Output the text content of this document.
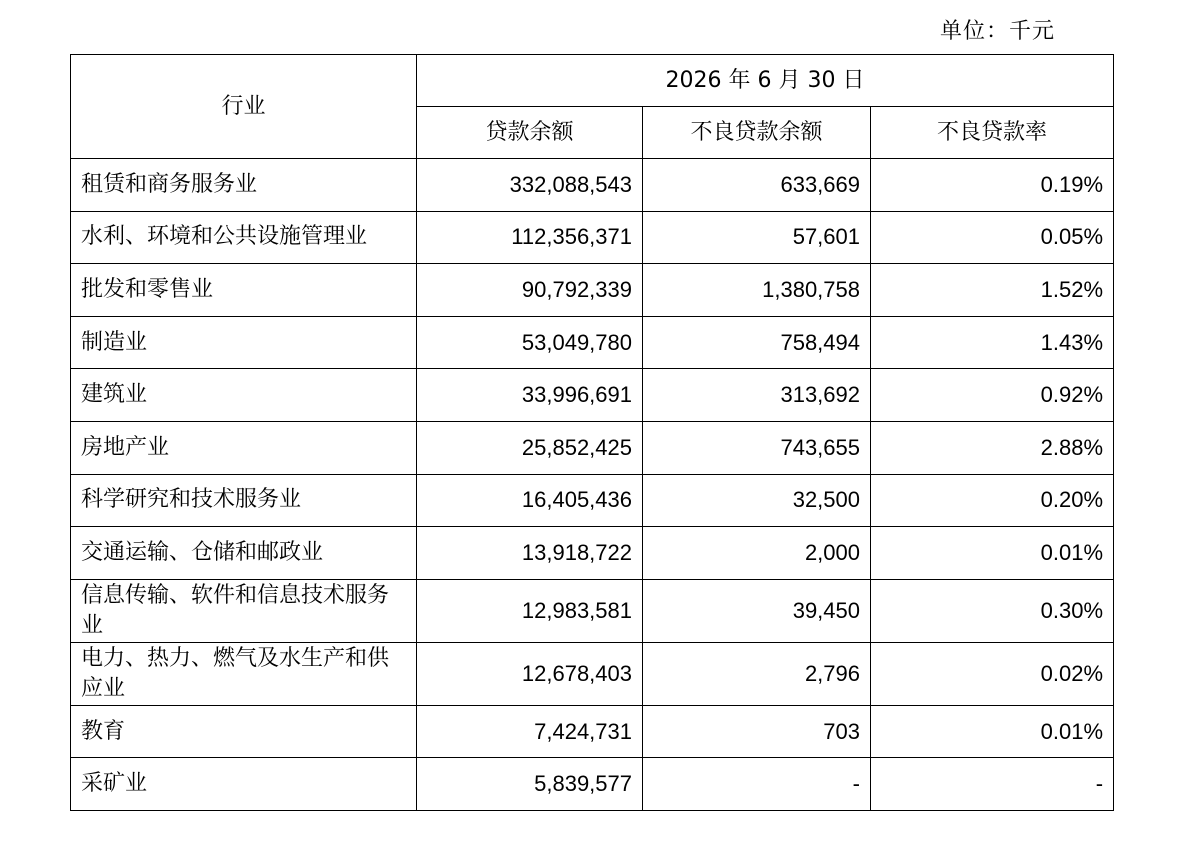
单位：千元
行业	2026 年 6 月 30 日		
	贷款余额	不良贷款余额	不良贷款率
租赁和商务服务业	332,088,543	633,669	0.19%
水利、环境和公共设施管理业	112,356,371	57,601	0.05%
批发和零售业	90,792,339	1,380,758	1.52%
制造业	53,049,780	758,494	1.43%
建筑业	33,996,691	313,692	0.92%
房地产业	25,852,425	743,655	2.88%
科学研究和技术服务业	16,405,436	32,500	0.20%
交通运输、仓储和邮政业	13,918,722	2,000	0.01%
信息传输、软件和信息技术服务业	12,983,581	39,450	0.30%
电力、热力、燃气及水生产和供应业	12,678,403	2,796	0.02%
教育	7,424,731	703	0.01%
采矿业	5,839,577	-	-
